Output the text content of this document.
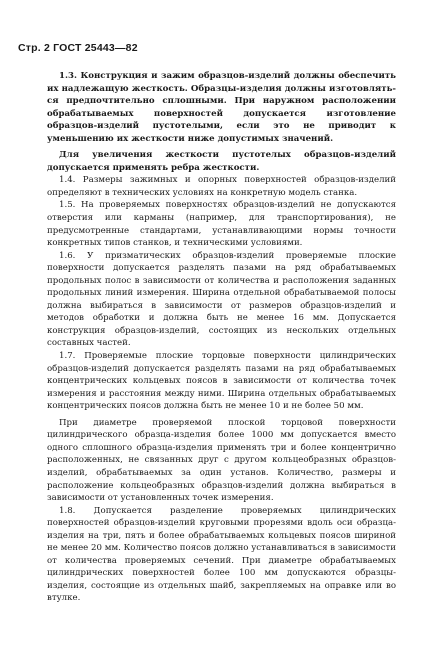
Стр. 2 ГОСТ 25443—82

1.3. Конструкция и зажим образцов-изделий должны обеспечить их надлежащую жесткость. Образцы-изделия должны изготовлять-ся предпочтительно сплошными. При наружном расположении обрабатываемых поверхностей допускается изготовление образцов-изделий пустотелыми, если это не приводит к уменьшению их жесткости ниже допустимых значений.

Для увеличения жесткости пустотелых образцов-изделий допускается применять ребра жесткости.

1.4. Размеры зажимных и опорных поверхностей образцов-изделий определяют в технических условиях на конкретную модель станка.

1.5. На проверяемых поверхностях образцов-изделий не допускаются отверстия или карманы (например, для транспортирования), не предусмотренные стандартами, устанавливающими нормы точности конкретных типов станков, и техническими условиями.

1.6. У призматических образцов-изделий проверяемые плоские поверхности допускается разделять пазами на ряд обрабатываемых продольных полос в зависимости от количества и расположения заданных продольных линий измерения. Ширина отдельной обрабатываемой полосы должна выбираться в зависимости от размеров образцов-изделий и методов обработки и должна быть не менее 16 мм. Допускается конструкция образцов-изделий, состоящих из нескольких отдельных составных частей.

1.7. Проверяемые плоские торцовые поверхности цилиндрических образцов-изделий допускается разделять пазами на ряд обрабатываемых концентрических кольцевых поясов в зависимости от количества точек измерения и расстояния между ними. Ширина отдельных обрабатываемых концентрических поясов должна быть не менее 10 и не более 50 мм.

При диаметре проверяемой плоской торцовой поверхности цилиндрического образца-изделия более 1000 мм допускается вместо одного сплошного образца-изделия применять три и более концентрично расположенных, не связанных друг с другом кольцеобразных образцов-изделий, обрабатываемых за один установ. Количество, размеры и расположение кольцеобразных образцов-изделий должна выбираться в зависимости от установленных точек измерения.

1.8. Допускается разделение проверяемых цилиндрических поверхностей образцов-изделий круговыми прорезями вдоль оси образца-изделия на три, пять и более обрабатываемых кольцевых поясов шириной не менее 20 мм. Количество поясов должно устанавливаться в зависимости от количества проверяемых сечений. При диаметре обрабатываемых цилиндрических поверхностей более 100 мм допускаются образцы-изделия, состоящие из отдельных шайб, закрепляемых на оправке или во втулке.
